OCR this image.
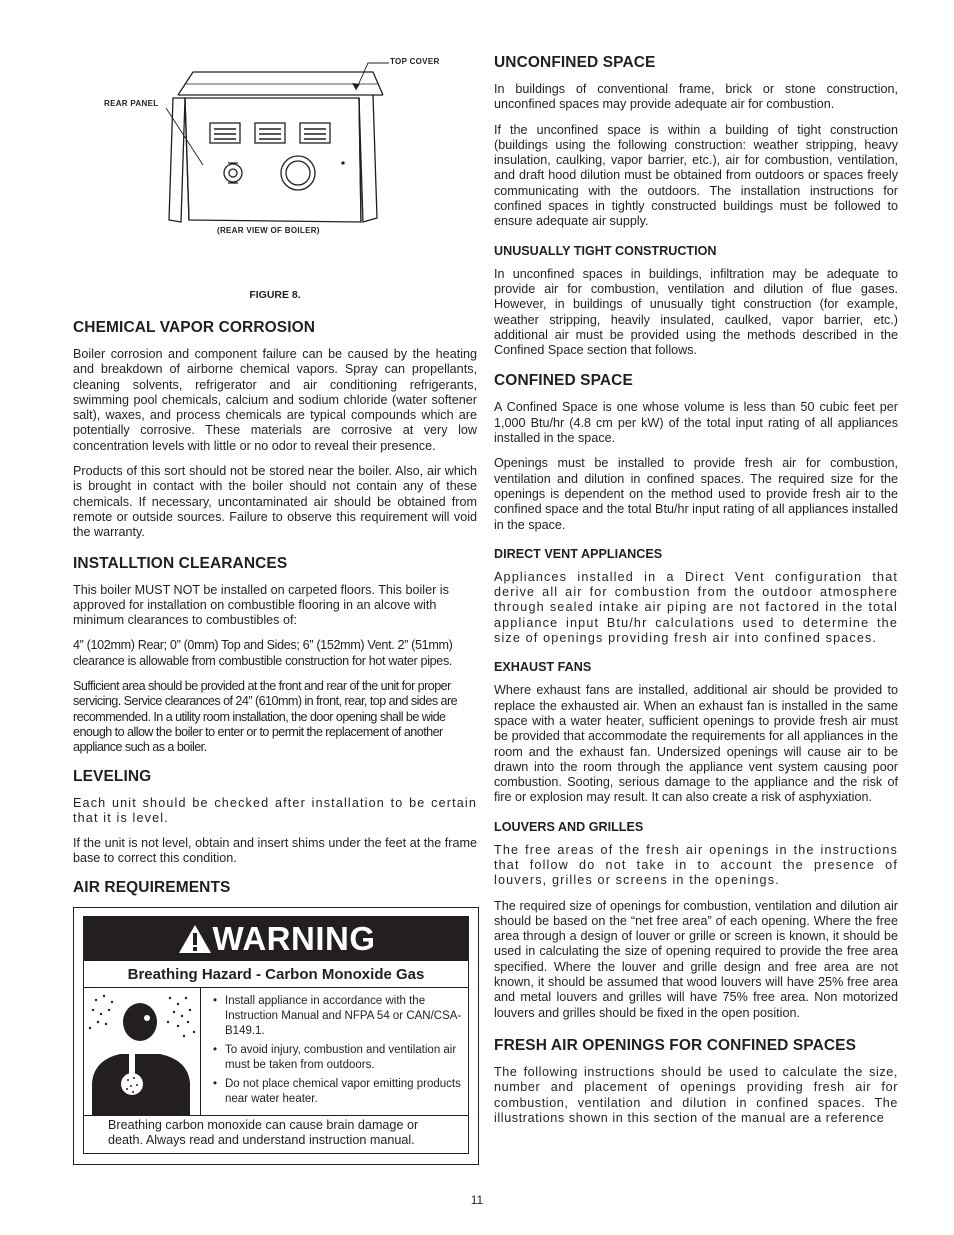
TOP COVER
REAR PANEL
(REAR VIEW OF BOILER)
FIGURE 8.
CHEMICAL VAPOR CORROSION

Boiler corrosion and component failure can be caused by the heating and breakdown of airborne chemical vapors. Spray can propellants, cleaning solvents, refrigerator and air conditioning refrigerants, swimming pool chemicals, calcium and sodium chloride (water softener salt), waxes, and process chemicals are typical compounds which are potentially corrosive. These materials are corrosive at very low concentration levels with little or no odor to reveal their presence.

Products of this sort should not be stored near the boiler. Also, air which is brought in contact with the boiler should not contain any of these chemicals. If necessary, uncontaminated air should be obtained from remote or outside sources. Failure to observe this requirement will void the warranty.

INSTALLTION CLEARANCES

This boiler MUST NOT be installed on carpeted floors. This boiler is approved for installation on combustible flooring in an alcove with minimum clearances to combustibles of:

4” (102mm) Rear; 0” (0mm) Top and Sides; 6” (152mm) Vent. 2” (51mm) clearance is allowable from combustible construction for hot water pipes.

Sufficient area should be provided at the front and rear of the unit for proper servicing. Service clearances of 24” (610mm) in front, rear, top and sides are recommended. In a utility room installation, the door opening shall be wide enough to allow the boiler to enter or to permit the replacement of another appliance such as a boiler.

LEVELING

Each unit should be checked after installation to be certain that it is level.

If the unit is not level, obtain and insert shims under the feet at the frame base to correct this condition.

AIR REQUIREMENTS
WARNING
Breathing Hazard - Carbon Monoxide Gas
• Install appliance in accordance with the Instruction Manual and NFPA 54 or CAN/CSA-B149.1.
• To avoid injury, combustion and ventilation air must be taken from outdoors.
• Do not place chemical vapor emitting products near water heater.
Breathing carbon monoxide can cause brain damage or death. Always read and understand instruction manual.
UNCONFINED SPACE

In buildings of conventional frame, brick or stone construction, unconfined spaces may provide adequate air for combustion.

If the unconfined space is within a building of tight construction (buildings using the following construction: weather stripping, heavy insulation, caulking, vapor barrier, etc.), air for combustion, ventilation, and draft hood dilution must be obtained from outdoors or spaces freely communicating with the outdoors. The installation instructions for confined spaces in tightly constructed buildings must be followed to ensure adequate air supply.

UNUSUALLY TIGHT CONSTRUCTION

In unconfined spaces in buildings, infiltration may be adequate to provide air for combustion, ventilation and dilution of flue gases. However, in buildings of unusually tight construction (for example, weather stripping, heavily insulated, caulked, vapor barrier, etc.) additional air must be provided using the methods described in the Confined Space section that follows.

CONFINED SPACE

A Confined Space is one whose volume is less than 50 cubic feet per 1,000 Btu/hr (4.8 cm per kW) of the total input rating of all appliances installed in the space.

Openings must be installed to provide fresh air for combustion, ventilation and dilution in confined spaces. The required size for the openings is dependent on the method used to provide fresh air to the confined space and the total Btu/hr input rating of all appliances installed in the space.

DIRECT VENT APPLIANCES

Appliances installed in a Direct Vent configuration that derive all air for combustion from the outdoor atmosphere through sealed intake air piping are not factored in the total appliance input Btu/hr calculations used to determine the size of openings providing fresh air into confined spaces.

EXHAUST FANS

Where exhaust fans are installed, additional air should be provided to replace the exhausted air. When an exhaust fan is installed in the same space with a water heater, sufficient openings to provide fresh air must be provided that accommodate the requirements for all appliances in the room and the exhaust fan. Undersized openings will cause air to be drawn into the room through the appliance vent system causing poor combustion. Sooting, serious damage to the appliance and the risk of fire or explosion may result. It can also create a risk of asphyxiation.

LOUVERS AND GRILLES

The free areas of the fresh air openings in the instructions that follow do not take in to account the presence of louvers, grilles or screens in the openings.

The required size of openings for combustion, ventilation and dilution air should be based on the “net free area” of each opening. Where the free area through a design of louver or grille or screen is known, it should be used in calculating the size of opening required to provide the free area specified. Where the louver and grille design and free area are not known, it should be assumed that wood louvers will have 25% free area and metal louvers and grilles will have 75% free area. Non motorized louvers and grilles should be fixed in the open position.

FRESH AIR OPENINGS FOR CONFINED SPACES

The following instructions should be used to calculate the size, number and placement of openings providing fresh air for combustion, ventilation and dilution in confined spaces. The illustrations shown in this section of the manual are a reference

11
